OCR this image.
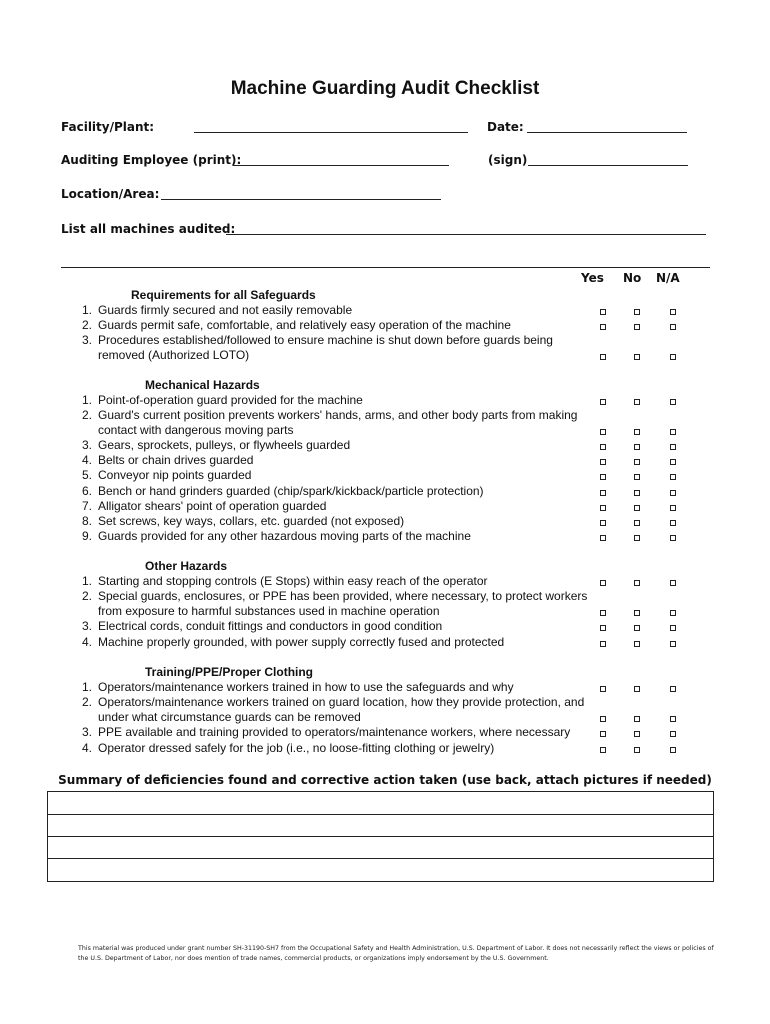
Machine Guarding Audit Checklist
Facility/Plant:	Date:
Auditing Employee (print):	(sign)
Location/Area:
List all machines audited:
Yes No N/A
Requirements for all Safeguards
1. Guards firmly secured and not easily removable
2. Guards permit safe, comfortable, and relatively easy operation of the machine
3. Procedures established/followed to ensure machine is shut down before guards being removed (Authorized LOTO)
Mechanical Hazards
1. Point-of-operation guard provided for the machine
2. Guard's current position prevents workers' hands, arms, and other body parts from making contact with dangerous moving parts
3. Gears, sprockets, pulleys, or flywheels guarded
4. Belts or chain drives guarded
5. Conveyor nip points guarded
6. Bench or hand grinders guarded (chip/spark/kickback/particle protection)
7. Alligator shears' point of operation guarded
8. Set screws, key ways, collars, etc. guarded (not exposed)
9. Guards provided for any other hazardous moving parts of the machine
Other Hazards
1. Starting and stopping controls (E Stops) within easy reach of the operator
2. Special guards, enclosures, or PPE has been provided, where necessary, to protect workers from exposure to harmful substances used in machine operation
3. Electrical cords, conduit fittings and conductors in good condition
4. Machine properly grounded, with power supply correctly fused and protected
Training/PPE/Proper Clothing
1. Operators/maintenance workers trained in how to use the safeguards and why
2. Operators/maintenance workers trained on guard location, how they provide protection, and under what circumstance guards can be removed
3. PPE available and training provided to operators/maintenance workers, where necessary
4. Operator dressed safely for the job (i.e., no loose-fitting clothing or jewelry)
Summary of deficiencies found and corrective action taken (use back, attach pictures if needed)
This material was produced under grant number SH-31190-SH7 from the Occupational Safety and Health Administration, U.S. Department of Labor. It does not necessarily reflect the views or policies of the U.S. Department of Labor, nor does mention of trade names, commercial products, or organizations imply endorsement by the U.S. Government.
